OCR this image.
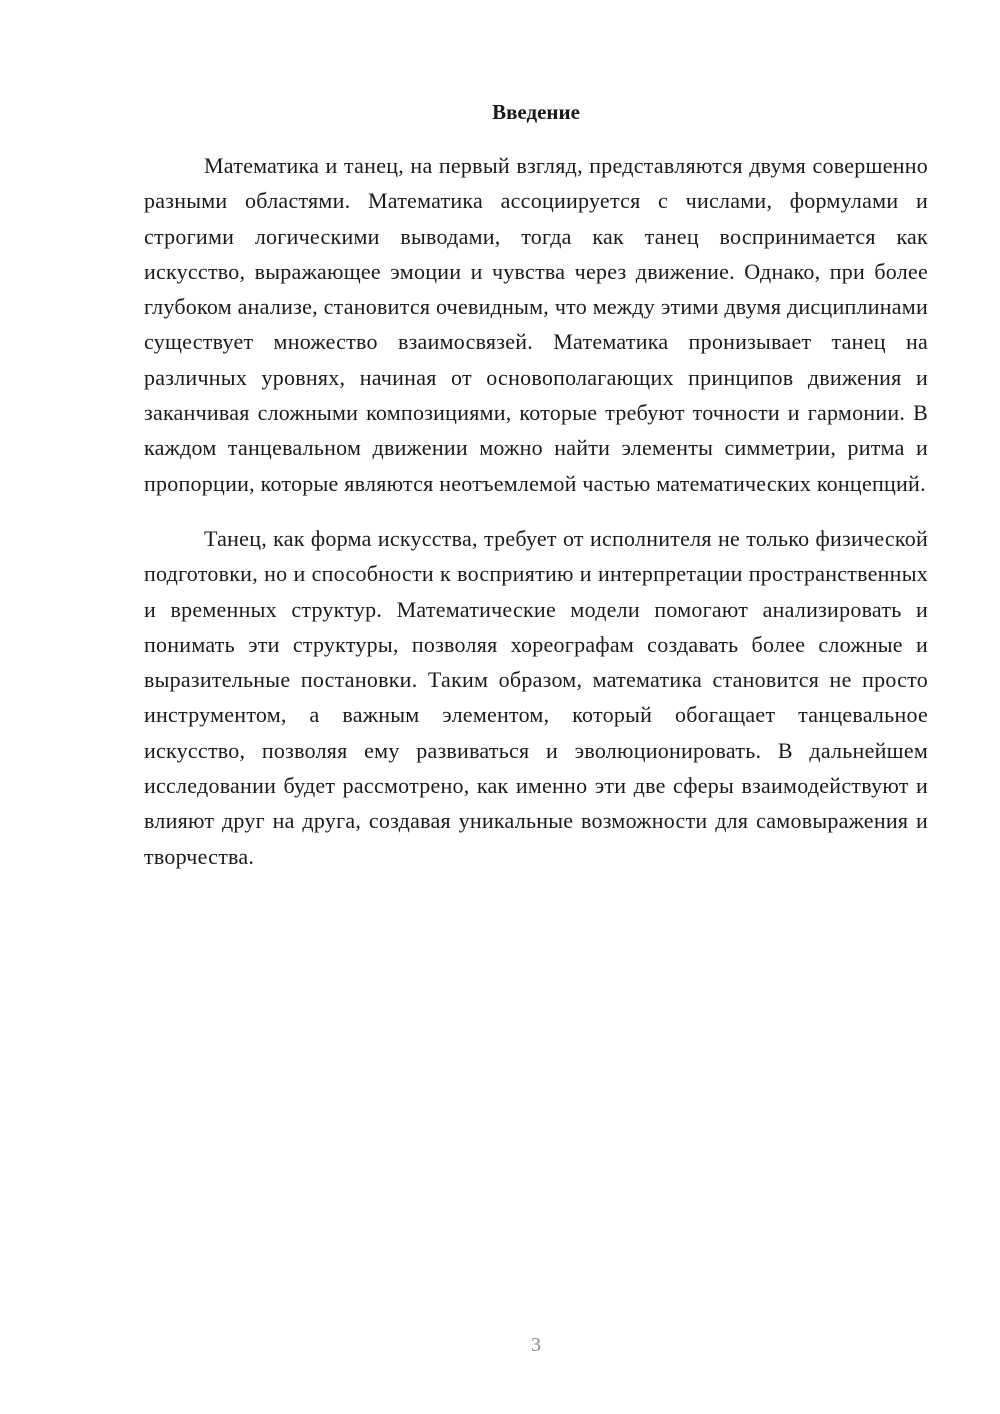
Введение

Математика и танец, на первый взгляд, представляются двумя совершенно разными областями. Математика ассоциируется с числами, формулами и строгими логическими выводами, тогда как танец воспринимается как искусство, выражающее эмоции и чувства через движение. Однако, при более глубоком анализе, становится очевидным, что между этими двумя дисциплинами существует множество взаимосвязей. Математика пронизывает танец на различных уровнях, начиная от основополагающих принципов движения и заканчивая сложными композициями, которые требуют точности и гармонии. В каждом танцевальном движении можно найти элементы симметрии, ритма и пропорции, которые являются неотъемлемой частью математических концепций.

Танец, как форма искусства, требует от исполнителя не только физической подготовки, но и способности к восприятию и интерпретации пространственных и временных структур. Математические модели помогают анализировать и понимать эти структуры, позволяя хореографам создавать более сложные и выразительные постановки. Таким образом, математика становится не просто инструментом, а важным элементом, который обогащает танцевальное искусство, позволяя ему развиваться и эволюционировать. В дальнейшем исследовании будет рассмотрено, как именно эти две сферы взаимодействуют и влияют друг на друга, создавая уникальные возможности для самовыражения и творчества.

3
